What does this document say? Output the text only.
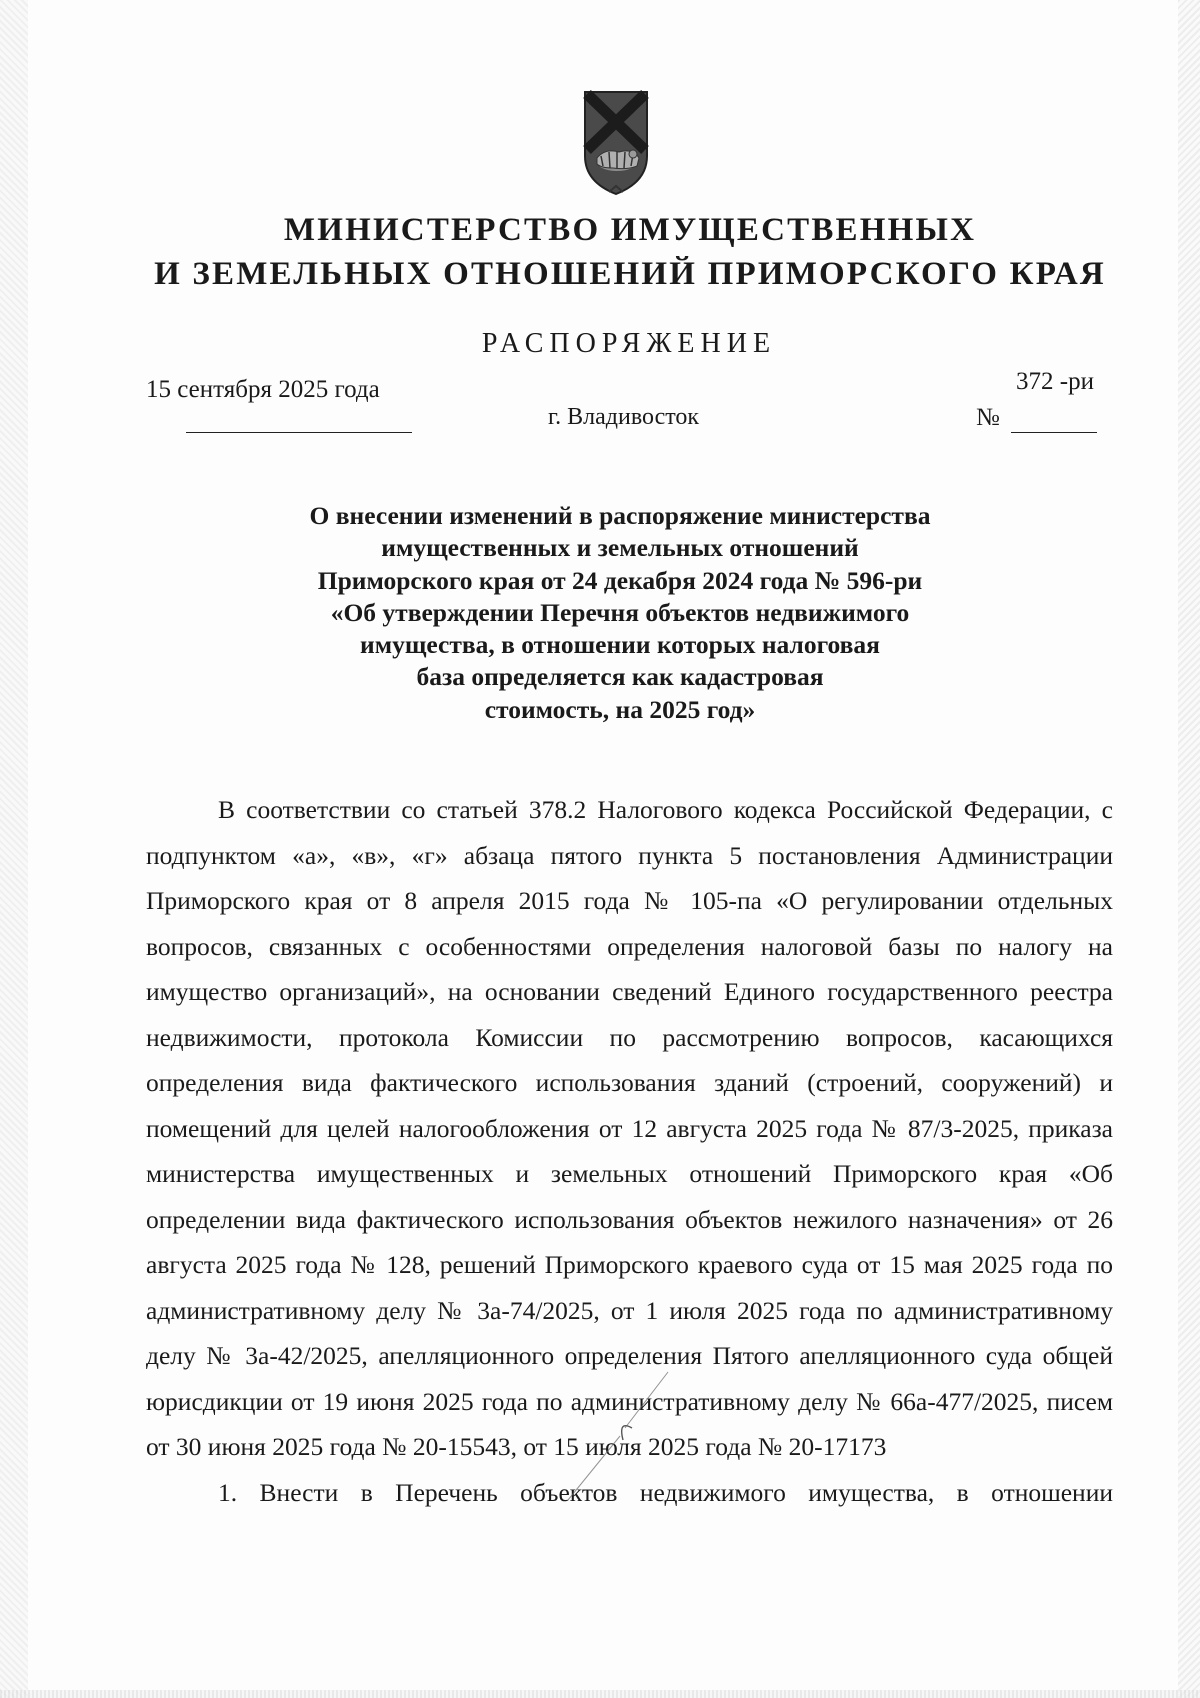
МИНИСТЕРСТВО ИМУЩЕСТВЕННЫХ
И ЗЕМЕЛЬНЫХ ОТНОШЕНИЙ ПРИМОРСКОГО КРАЯ
РАСПОРЯЖЕНИЕ
15 сентября 2025 года
г. Владивосток
372 -ри
№
О внесении изменений в распоряжение министерства
имущественных и земельных отношений
Приморского края от 24 декабря 2024 года № 596-ри
«Об утверждении Перечня объектов недвижимого
имущества, в отношении которых налоговая
база определяется как кадастровая
стоимость, на 2025 год»

В соответствии со статьей 378.2 Налогового кодекса Российской Федерации, с подпунктом «а», «в», «г» абзаца пятого пункта 5 постановления Администрации Приморского края от 8 апреля 2015 года № 105-па «О регулировании отдельных вопросов, связанных с особенностями определения налоговой базы по налогу на имущество организаций», на основании сведений Единого государственного реестра недвижимости, протокола Комиссии по рассмотрению вопросов, касающихся определения вида фактического использования зданий (строений, сооружений) и помещений для целей налогообложения от 12 августа 2025 года № 87/3-2025, приказа министерства имущественных и земельных отношений Приморского края «Об определении вида фактического использования объектов нежилого назначения» от 26 августа 2025 года № 128, решений Приморского краевого суда от 15 мая 2025 года по административному делу № 3а-74/2025, от 1 июля 2025 года по административному делу № 3а-42/2025, апелляционного определения Пятого апелляционного суда общей юрисдикции от 19 июня 2025 года по административному делу № 66а-477/2025, писем от 30 июня 2025 года № 20-15543, от 15 июля 2025 года № 20-17173

1. Внести в Перечень объектов недвижимого имущества, в отношении
